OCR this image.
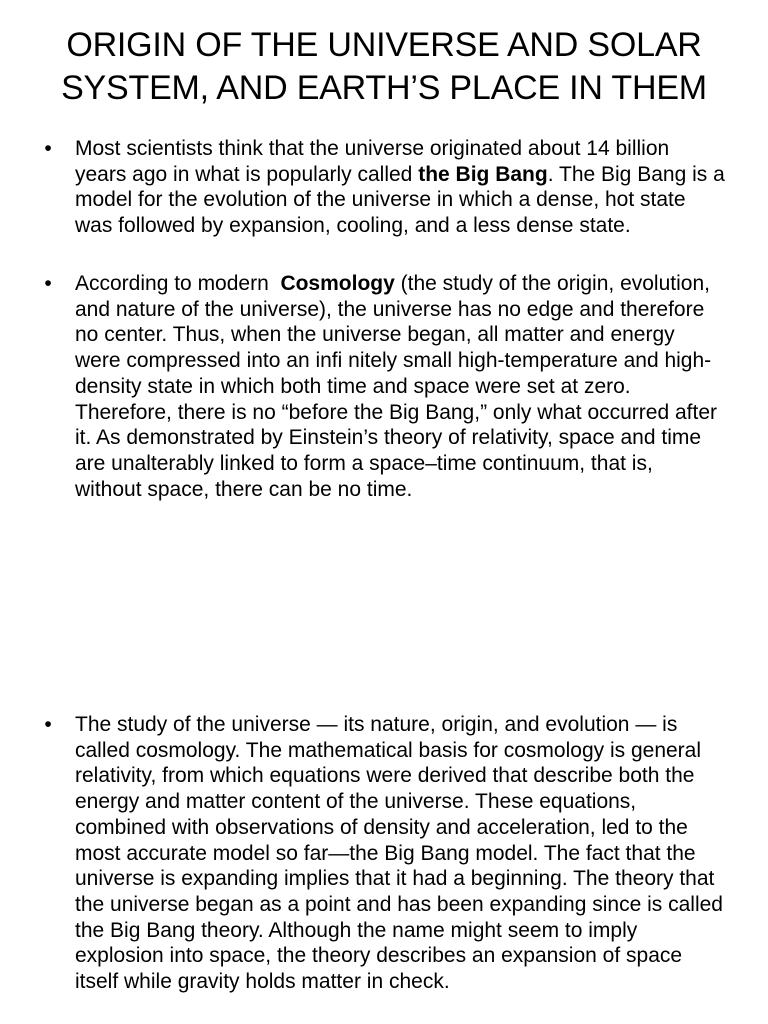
ORIGIN OF THE UNIVERSE AND SOLAR
SYSTEM, AND EARTH’S PLACE IN THEM
• Most scientists think that the universe originated about 14 billion years ago in what is popularly called the Big Bang. The Big Bang is a model for the evolution of the universe in which a dense, hot state was followed by expansion, cooling, and a less dense state.
• According to modern  Cosmology (the study of the origin, evolution, and nature of the universe), the universe has no edge and therefore no center. Thus, when the universe began, all matter and energy were compressed into an infi nitely small high-temperature and high-density state in which both time and space were set at zero. Therefore, there is no “before the Big Bang,” only what occurred after it. As demonstrated by Einstein’s theory of relativity, space and time are unalterably linked to form a space–time continuum, that is, without space, there can be no time.
• The study of the universe — its nature, origin, and evolution — is called cosmology. The mathematical basis for cosmology is general relativity, from which equations were derived that describe both the energy and matter content of the universe. These equations, combined with observations of density and acceleration, led to the most accurate model so far—the Big Bang model. The fact that the universe is expanding implies that it had a beginning. The theory that the universe began as a point and has been expanding since is called the Big Bang theory. Although the name might seem to imply explosion into space, the theory describes an expansion of space itself while gravity holds matter in check.
